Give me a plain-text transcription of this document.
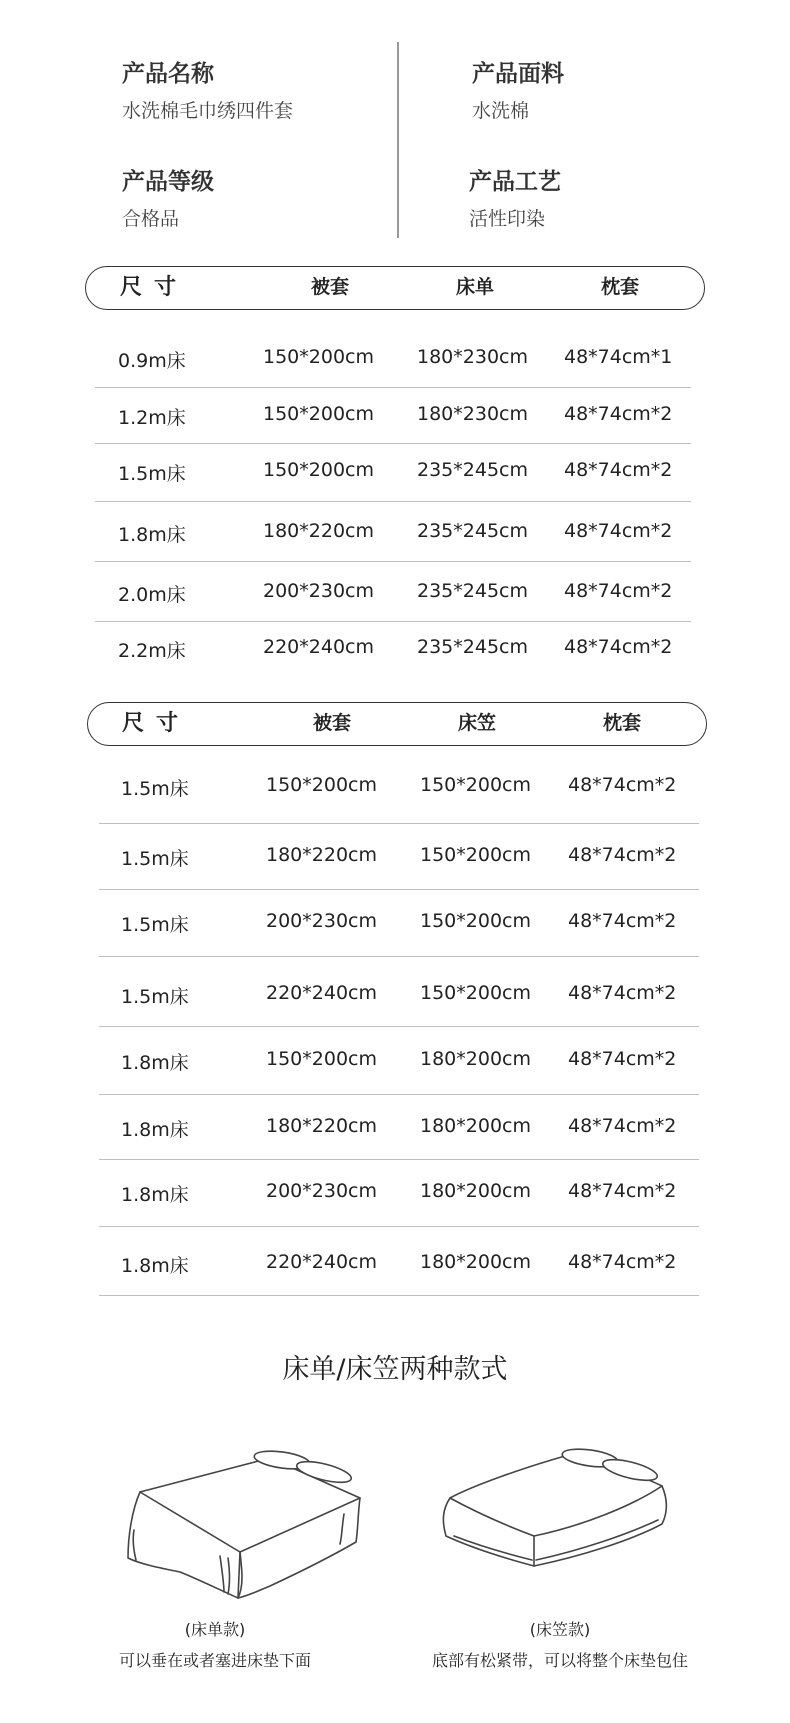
产品名称
水洗棉毛巾绣四件套
产品面料
水洗棉
产品等级
合格品
产品工艺
活性印染
尺寸	被套	床单	枕套
0.9m床	150*200cm 180*230cm 48*74cm*1
1.2m床	150*200cm 180*230cm 48*74cm*2
1.5m床	150*200cm 235*245cm 48*74cm*2
1.8m床	180*220cm 235*245cm 48*74cm*2
2.0m床	200*230cm 235*245cm 48*74cm*2
2.2m床	220*240cm 235*245cm 48*74cm*2
尺寸	被套	床笠	枕套
1.5m床	150*200cm 150*200cm 48*74cm*2
1.5m床	180*220cm 150*200cm 48*74cm*2
1.5m床	200*230cm 150*200cm 48*74cm*2
1.5m床	220*240cm 150*200cm 48*74cm*2
1.8m床	150*200cm 180*200cm 48*74cm*2
1.8m床	180*220cm 180*200cm 48*74cm*2
1.8m床	200*230cm 180*200cm 48*74cm*2
1.8m床	220*240cm 180*200cm 48*74cm*2
床单/床笠两种款式
(床单款)
可以垂在或者塞进床垫下面
(床笠款)
底部有松紧带，可以将整个床垫包住
